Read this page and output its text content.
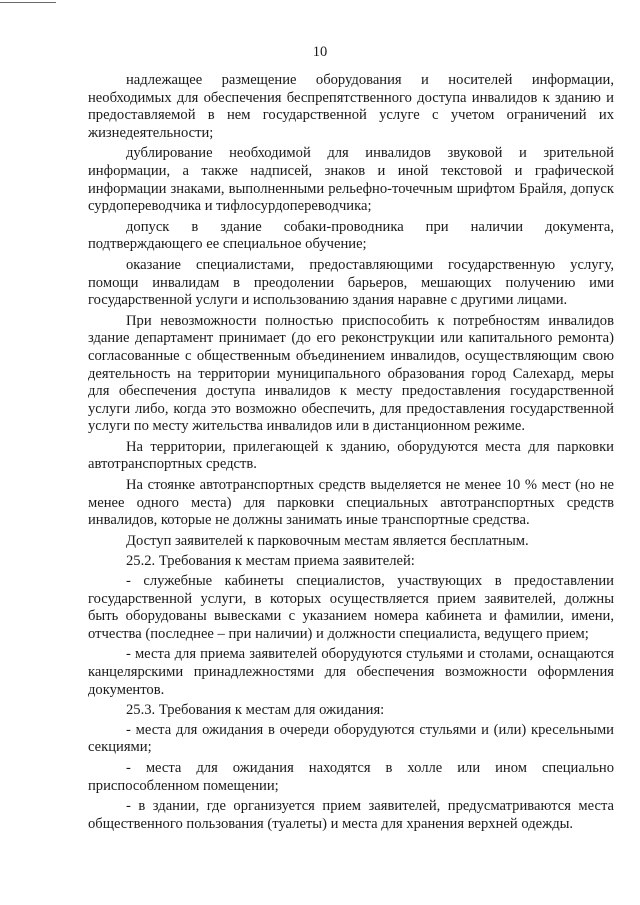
10

надлежащее размещение оборудования и носителей информации, необходимых для обеспечения беспрепятственного доступа инвалидов к зданию и предоставляемой в нем государственной услуге с учетом ограничений их жизнедеятельности;

дублирование необходимой для инвалидов звуковой и зрительной информации, а также надписей, знаков и иной текстовой и графической информации знаками, выполненными рельефно-точечным шрифтом Брайля, допуск сурдопереводчика и тифлосурдопереводчика;

допуск в здание собаки-проводника при наличии документа, подтверждающего ее специальное обучение;

оказание специалистами, предоставляющими государственную услугу, помощи инвалидам в преодолении барьеров, мешающих получению ими государственной услуги и использованию здания наравне с другими лицами.

При невозможности полностью приспособить к потребностям инвалидов здание департамент принимает (до его реконструкции или капитального ремонта) согласованные с общественным объединением инвалидов, осуществляющим свою деятельность на территории муниципального образования город Салехард, меры для обеспечения доступа инвалидов к месту предоставления государственной услуги либо, когда это возможно обеспечить, для предоставления государственной услуги по месту жительства инвалидов или в дистанционном режиме.

На территории, прилегающей к зданию, оборудуются места для парковки автотранспортных средств.

На стоянке автотранспортных средств выделяется не менее 10 % мест (но не менее одного места) для парковки специальных автотранспортных средств инвалидов, которые не должны занимать иные транспортные средства.

Доступ заявителей к парковочным местам является бесплатным.

25.2. Требования к местам приема заявителей:

- служебные кабинеты специалистов, участвующих в предоставлении государственной услуги, в которых осуществляется прием заявителей, должны быть оборудованы вывесками с указанием номера кабинета и фамилии, имени, отчества (последнее – при наличии) и должности специалиста, ведущего прием;

- места для приема заявителей оборудуются стульями и столами, оснащаются канцелярскими принадлежностями для обеспечения возможности оформления документов.

25.3. Требования к местам для ожидания:

- места для ожидания в очереди оборудуются стульями и (или) кресельными секциями;

- места для ожидания находятся в холле или ином специально приспособленном помещении;

- в здании, где организуется прием заявителей, предусматриваются места общественного пользования (туалеты) и места для хранения верхней одежды.
